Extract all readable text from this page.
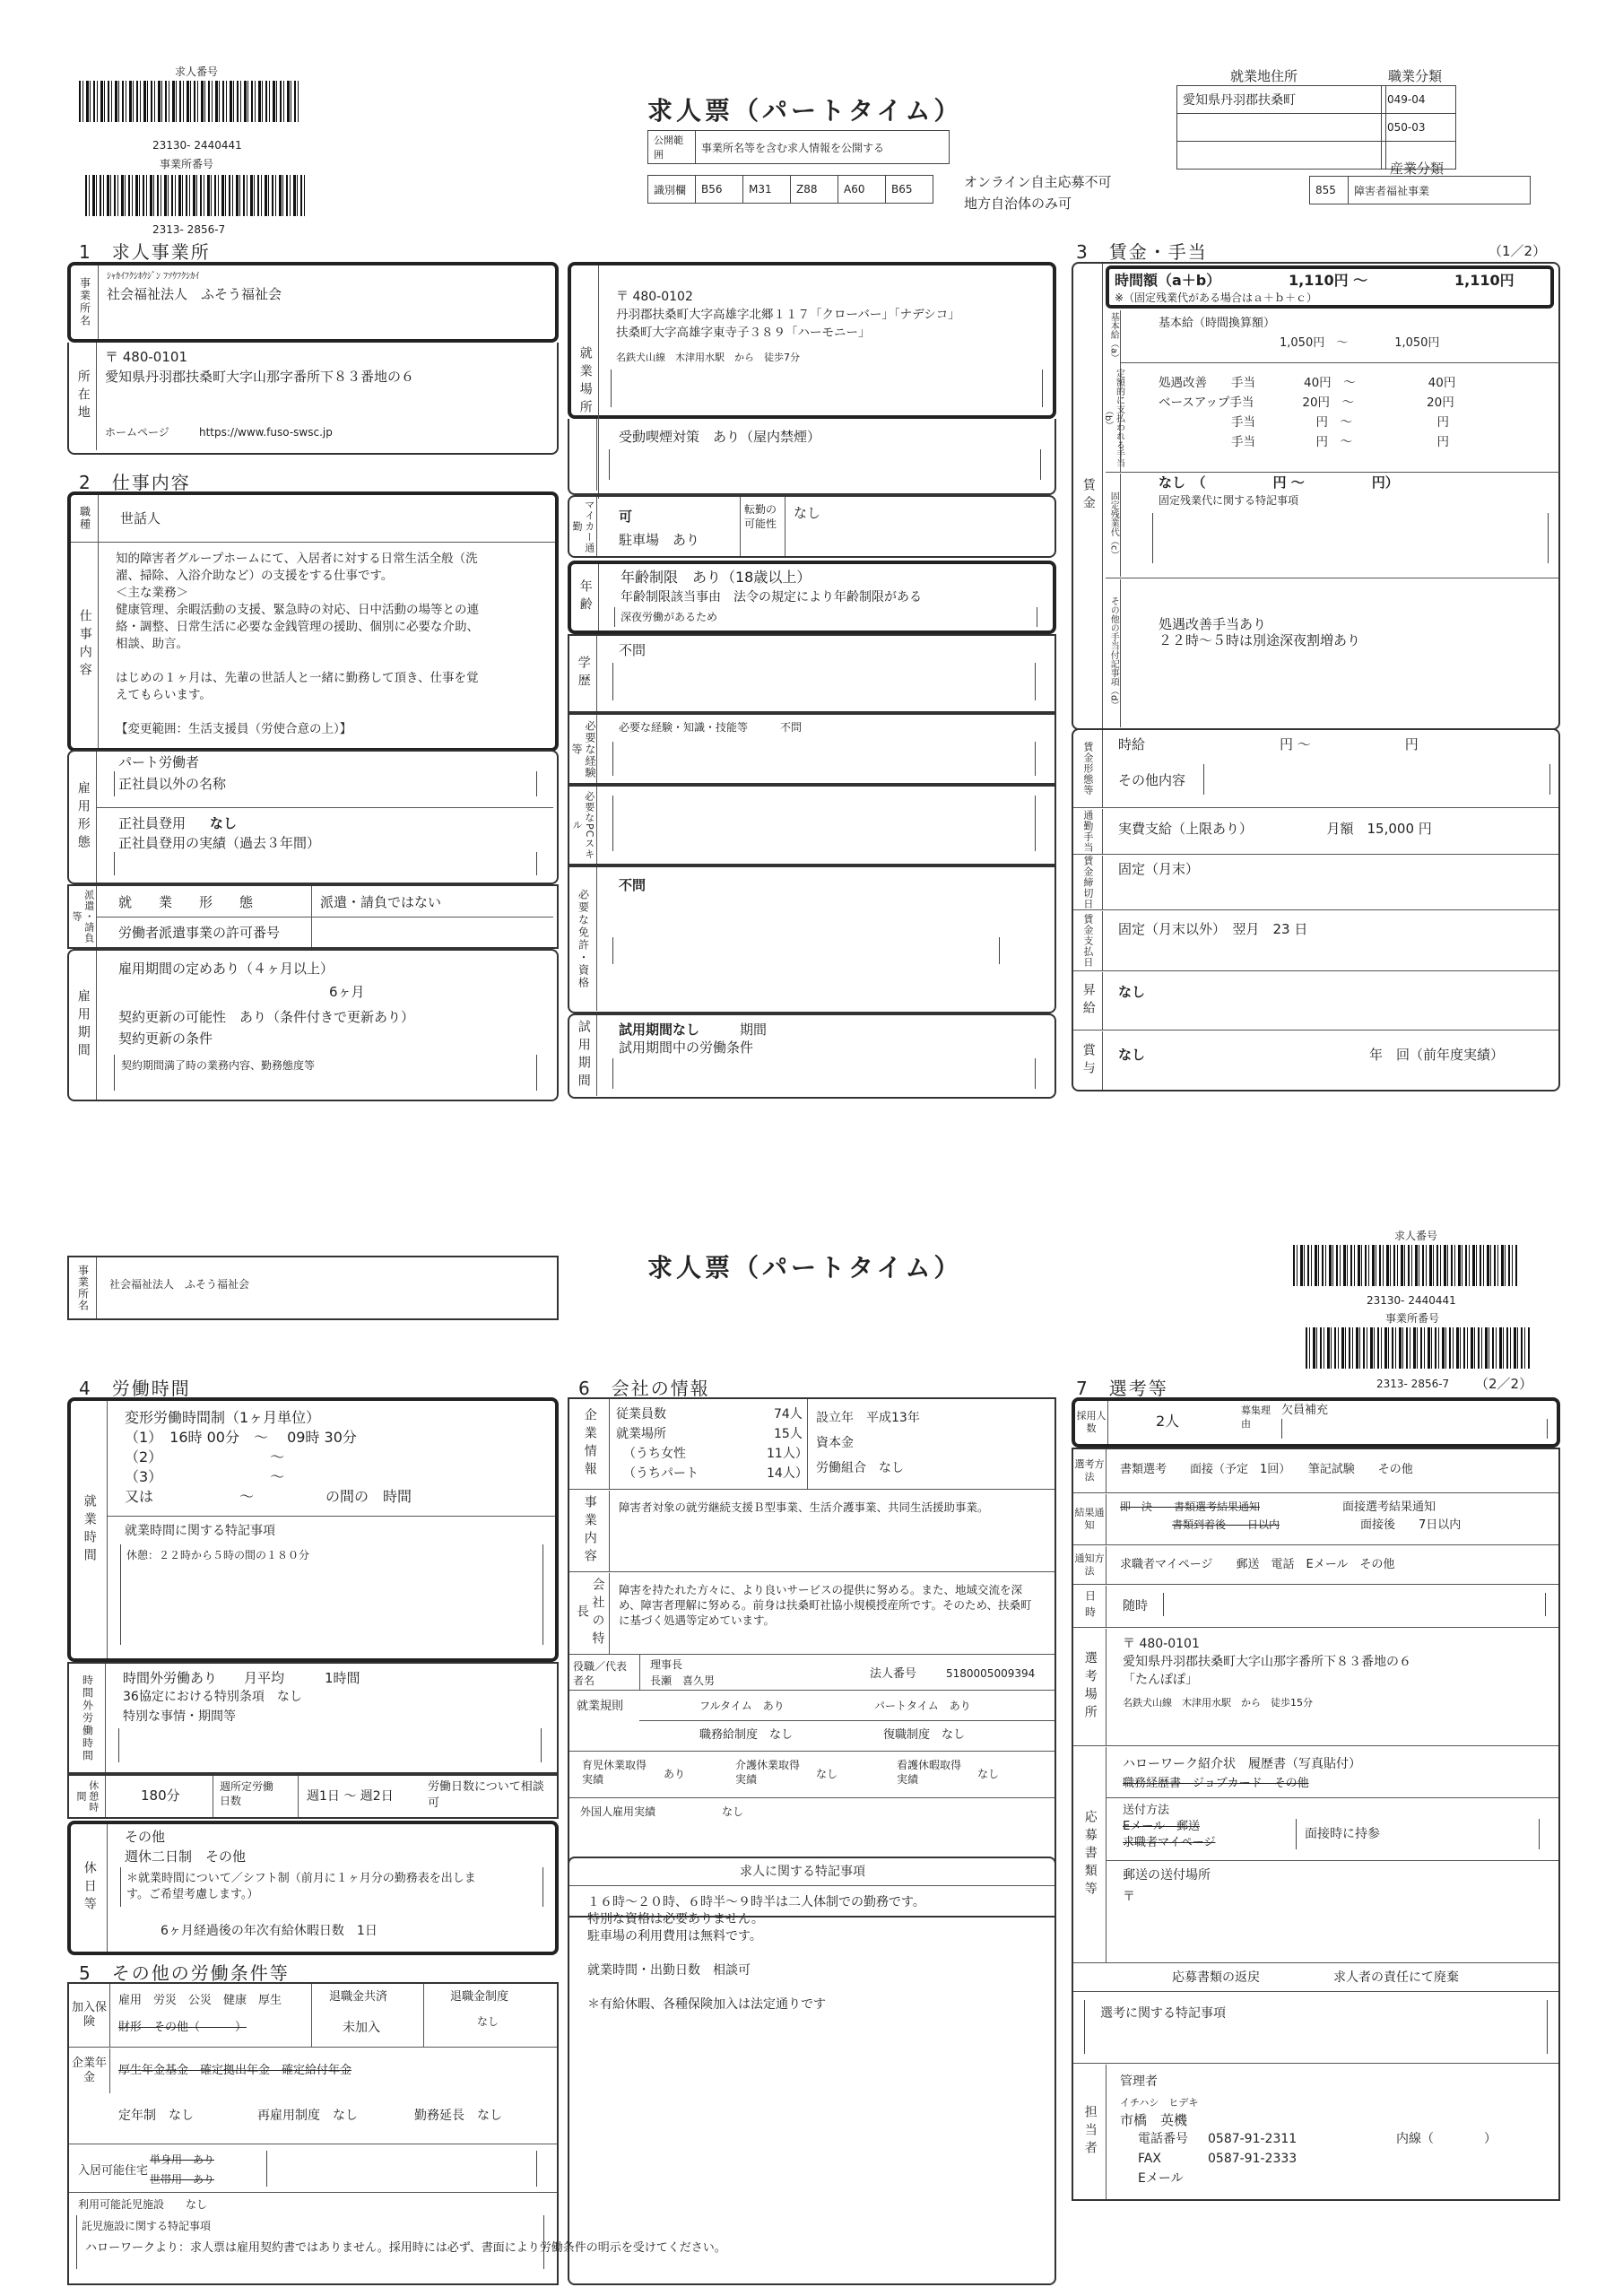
求人番号
23130- 2440441
事業所番号
2313- 2856-7
求人票（パートタイム）
公開範囲	事業所名等を含む求人情報を公開する
識別欄	B56	M31	Z88	A60	B65	オンライン自主応募不可
地方自治体のみ可
就業地住所
愛知県丹羽郡扶桑町

職業分類
049-04
050-03

産業分類
855	障害者福祉事業
1　求人事業所
事業所名
ｼｬｶｲﾌｸｼﾎｳｼﾞﾝ ﾌｿｳﾌｸｼｶｲ
社会福祉法人　ふそう福祉会
所在地
〒 480-0101
愛知県丹羽郡扶桑町大字山那字番所下８３番地の６
ホームページ	https://www.fuso-swsc.jp
2　仕事内容
職種	世話人
仕事内容
知的障害者グループホームにて、入居者に対する日常生活全般（洗
濯、掃除、入浴介助など）の支援をする仕事です。
＜主な業務＞
健康管理、余暇活動の支援、緊急時の対応、日中活動の場等との連
絡・調整、日常生活に必要な金銭管理の援助、個別に必要な介助、
相談、助言。
はじめの１ヶ月は、先輩の世話人と一緒に勤務して頂き、仕事を覚
えてもらいます。
【変更範囲：生活支援員（労使合意の上）】
雇用形態
パート労働者
正社員以外の名称
正社員登用 なし
正社員登用の実績（過去３年間）
派遣・請負等
就　　業　　形　　態	派遣・請負ではない
労働者派遣事業の許可番号
雇用期間
雇用期間の定めあり（４ヶ月以上）
6ヶ月
契約更新の可能性　あり（条件付きで更新あり）
契約更新の条件
契約期間満了時の業務内容、勤務態度等
就業場所
〒 480-0102
丹羽郡扶桑町大字高雄字北郷１１７「クローバー」「ナデシコ」
扶桑町大字高雄字東寺子３８９「ハーモニー」
名鉄犬山線　木津用水駅　から　徒歩7分
受動喫煙対策　あり（屋内禁煙）
マイカー通勤
可
駐車場　あり
転勤の可能性
なし
年齢
年齢制限　あり（18歳以上）
年齢制限該当事由　法令の規定により年齢制限がある
深夜労働があるため
学歴
不問
必要な経験等
必要な経験・知識・技能等　　　不問
必要なPCスキル
必要な免許・資格
不問
試用期間	試用期間なし	期間
試用期間中の労働条件
3　賃金・手当	（1／2）
賃金
時間額（a＋b）	1,110円 〜	1,110円
※（固定残業代がある場合はａ＋ｂ＋ｃ）
基本給（a）	基本給（時間換算額）
1,050円　〜　　　　1,050円
定額的に支払われる手当（b）
処遇改善　　手当　　　　40円　〜　　　　　　40円
ベースアップ手当　　　　20円　〜　　　　　　20円
　　　　　　手当　　　　　円　〜　　　　　　　円
　　　　　　手当　　　　　円　〜　　　　　　　円
固定残業代（c）
なし　（　　　　　円 〜　　　　　円）
固定残業代に関する特記事項
その他の手当付記事項（d）	処遇改善手当あり
２２時〜５時は別途深夜割増あり
賃金形態等	時給　　　　　　　　　　円 〜　　　　　　　円
その他内容
通勤手当	実費支給（上限あり）　　　　　　月額　15,000 円
賃金締切日	固定（月末）
賃金支払日	固定（月末以外）　翌月　23 日
昇給	なし
賞与	なし	年　回（前年度実績）
事業所名	社会福祉法人　ふそう福祉会
求人票（パートタイム）
求人番号
23130- 2440441
事業所番号
2313- 2856-7 （2／2）
4　労働時間
就業時間
変形労働時間制（1ヶ月単位）
（1）　16時 00分　〜　 09時 30分
（2）　　　　　　　　〜
（3）　　　　　　　　〜
又は　　　　　　〜　　　　　の間の　時間
就業時間に関する特記事項
休憩：２２時から５時の間の１８０分
時間外労働時間	時間外労働あり　　月平均　　　1時間
36協定における特別条項　なし
特別な事情・期間等
休憩時間	180分
週所定労働日数	週1日 〜 週2日
労働日数について相談可
休日等
その他
週休二日制　その他
＊就業時間について／シフト制（前月に１ヶ月分の勤務表を出しま
す。ご希望考慮します。）
6ヶ月経過後の年次有給休暇日数　1日
5　その他の労働条件等
加入保険
雇用　労災　公災　健康　厚生
財形　その他（　　　）
退職金共済
未加入
退職金制度
なし
企業年金
厚生年金基金　確定拠出年金　確定給付年金
定年制　なし	再雇用制度　なし	勤務延長　なし
入居可能住宅
単身用　あり
世帯用　あり
利用可能託児施設 なし
託児施設に関する特記事項
6　会社の情報
企業情報	従業員数	74人
就業場所	15人
（うち女性	11人）
（うちパート	14人）
設立年　平成13年
資本金
労働組合　なし
事業内容	障害者対象の就労継続支援Ｂ型事業、生活介護事業、共同生活援助事業。
会社の特長
障害を持たれた方々に、より良いサービスの提供に努める。また、地域交流を深め、障害者理解に努める。前身は扶桑町社協小規模授産所です。そのため、扶桑町に基づく処遇等定めています。
役職／代表者名
理事長
長瀬　喜久男	法人番号	5180005009394
就業規則	フルタイム　あり	パートタイム　あり
職務給制度　なし	復職制度　なし
育児休業取得実績	あり
介護休業取得実績	なし
看護休暇取得実績	なし
外国人雇用実績	なし
求人に関する特記事項
１６時〜２０時、６時半〜９時半は二人体制での勤務です。
特別な資格は必要ありません。
駐車場の利用費用は無料です。
就業時間・出勤日数　相談可
＊有給休暇、各種保険加入は法定通りです
7　選考等
採用人数	2人
募集理由
欠員補充
選考方法
書類選考　　面接（予定　1回）　　筆記試験　　その他
結果通知
即　決　　書類選考結果通知
書類到着後　　日以内
面接選考結果通知
面接後　　7日以内
通知方法	求職者マイページ　　郵送　電話　Eメール　その他
日時	随時
選考場所
〒 480-0101
愛知県丹羽郡扶桑町大字山那字番所下８３番地の６
「たんぽぽ」
名鉄犬山線　木津用水駅　から　徒歩15分
応募書類等
ハローワーク紹介状　履歴書（写真貼付）
職務経歴書　ジョブカード　その他
送付方法
Eメール　郵送
求職者マイページ
面接時に持参
郵送の送付場所
〒
応募書類の返戻	求人者の責任にて廃棄
選考に関する特記事項
担当者
管理者
イチハシ　ヒデキ
市橋　英機
電話番号 0587-91-2311	内線（　　　　）
FAX	0587-91-2333
Eメール
ハローワークより：求人票は雇用契約書ではありません。採用時には必ず、書面により労働条件の明示を受けてください。
